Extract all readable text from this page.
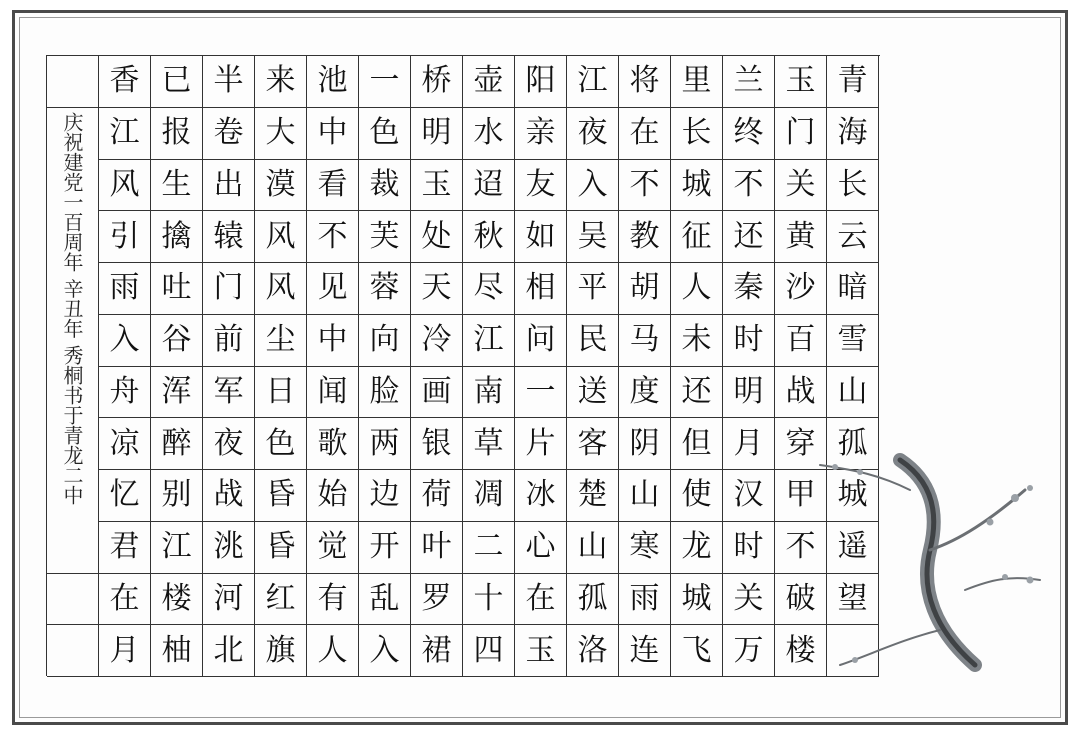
庆祝建党一百周年 辛丑年 秀桐书于青龙二中
青
海
长
云
暗
雪
山
孤
城
遥
望
玉
门
关
黄
沙
百
战
穿
甲
不
破
楼
兰
终
不
还
秦
时
明
月
汉
时
关
万
里
长
城
征
人
未
还
但
使
龙
城
飞
将
在
不
教
胡
马
度
阴
山
寒
雨
连
江
夜
入
吴
平
民
送
客
楚
山
孤
洛
阳
亲
友
如
相
问
一
片
冰
心
在
玉
壶
水
迢
秋
尽
江
南
草
凋
二
十
四
桥
明
玉
处
天
冷
画
银
荷
叶
罗
裙
一
色
裁
芙
蓉
向
脸
两
边
开
乱
入
池
中
看
不
见
中
闻
歌
始
觉
有
人
来
大
漠
风
风
尘
日
色
昏
昏
红
旗
半
卷
出
辕
门
前
军
夜
战
洮
河
北
已
报
生
擒
吐
谷
浑
醉
别
江
楼
柚
香
江
风
引
雨
入
舟
凉
忆
君
在
月
